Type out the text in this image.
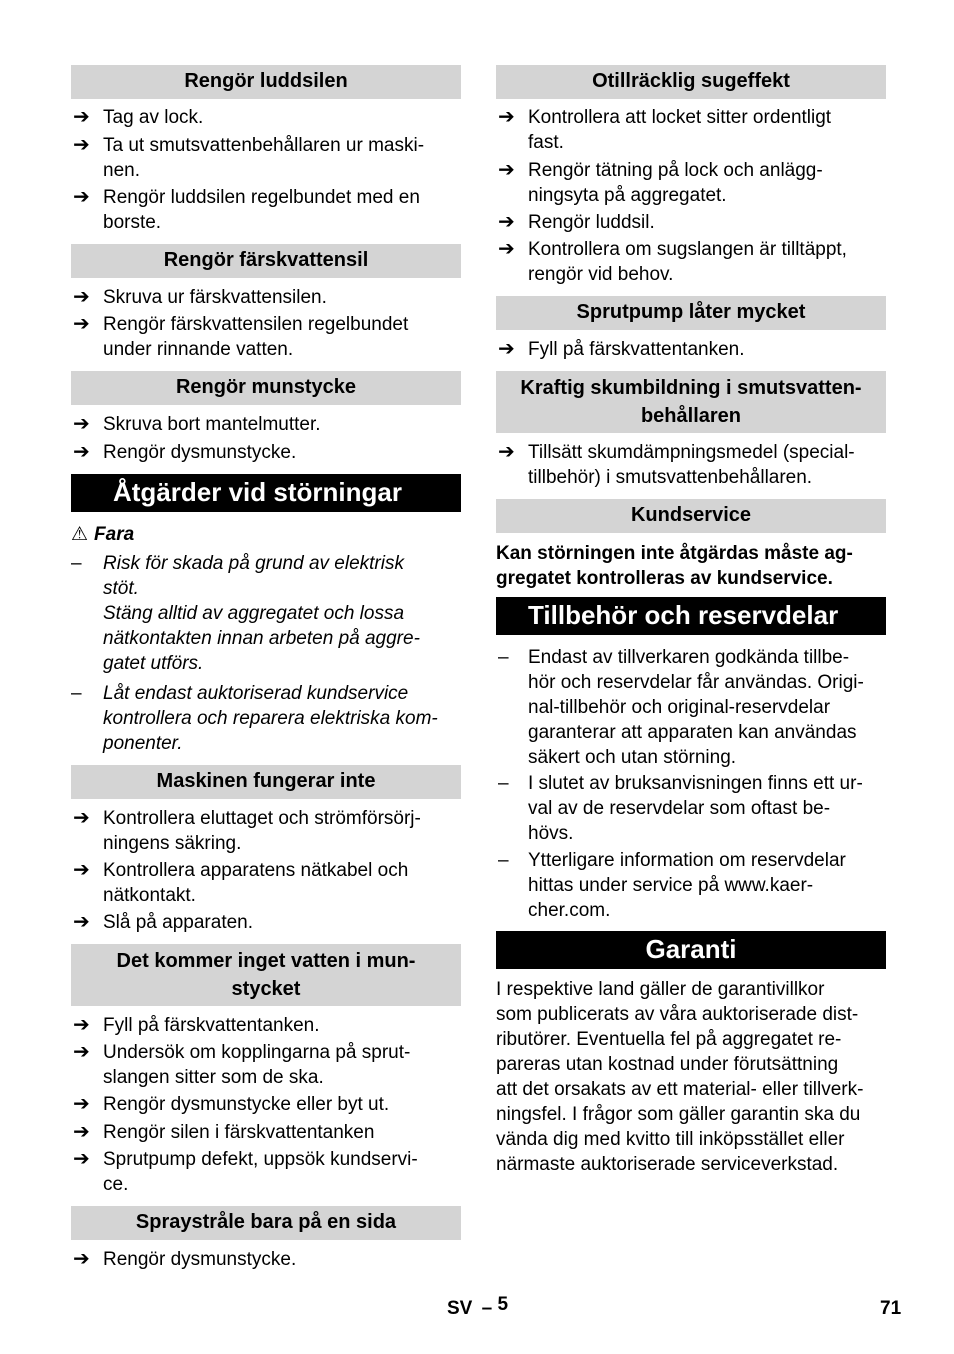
Rengör luddsilen
➔ Tag av lock.
➔ Ta ut smutsvattenbehållaren ur maski-
nen.
➔ Rengör luddsilen regelbundet med en
borste.
Rengör färskvattensil
➔ Skruva ur färskvattensilen.
➔ Rengör färskvattensilen regelbundet
under rinnande vatten.
Rengör munstycke
➔ Skruva bort mantelmutter.
➔ Rengör dysmunstycke.
Åtgärder vid störningar
⚠ Fara
– Risk för skada på grund av elektrisk
stöt.
Stäng alltid av aggregatet och lossa
nätkontakten innan arbeten på aggre-
gatet utförs.
– Låt endast auktoriserad kundservice
kontrollera och reparera elektriska kom-
ponenter.
Maskinen fungerar inte
➔ Kontrollera eluttaget och strömförsörj-
ningens säkring.
➔ Kontrollera apparatens nätkabel och
nätkontakt.
➔ Slå på apparaten.
Det kommer inget vatten i mun-
stycket
➔ Fyll på färskvattentanken.
➔ Undersök om kopplingarna på sprut-
slangen sitter som de ska.
➔ Rengör dysmunstycke eller byt ut.
➔ Rengör silen i färskvattentanken
➔ Sprutpump defekt, uppsök kundservi-
ce.
Spraystråle bara på en sida
➔ Rengör dysmunstycke.
Otillräcklig sugeffekt
➔ Kontrollera att locket sitter ordentligt
fast.
➔ Rengör tätning på lock och anlägg-
ningsyta på aggregatet.
➔ Rengör luddsil.
➔ Kontrollera om sugslangen är tilltäppt,
rengör vid behov.
Sprutpump låter mycket
➔ Fyll på färskvattentanken.
Kraftig skumbildning i smutsvatten-
behållaren
➔ Tillsätt skumdämpningsmedel (special-
tillbehör) i smutsvattenbehållaren.
Kundservice
Kan störningen inte åtgärdas måste ag-
gregatet kontrolleras av kundservice.
Tillbehör och reservdelar
– Endast av tillverkaren godkända tillbe-
hör och reservdelar får användas. Origi-
nal-tillbehör och original-reservdelar
garanterar att apparaten kan användas
säkert och utan störning.
– I slutet av bruksanvisningen finns ett ur-
val av de reservdelar som oftast be-
hövs.
– Ytterligare information om reservdelar
hittas under service på www.kaer-
cher.com.
Garanti
I respektive land gäller de garantivillkor
som publicerats av våra auktoriserade dist-
ributörer. Eventuella fel på aggregatet re-
pareras utan kostnad under förutsättning
att det orsakats av ett material- eller tillverk-
ningsfel. I frågor som gäller garantin ska du
vända dig med kvitto till inköpsstället eller
närmaste auktoriserade serviceverkstad.
SV – 5	71
